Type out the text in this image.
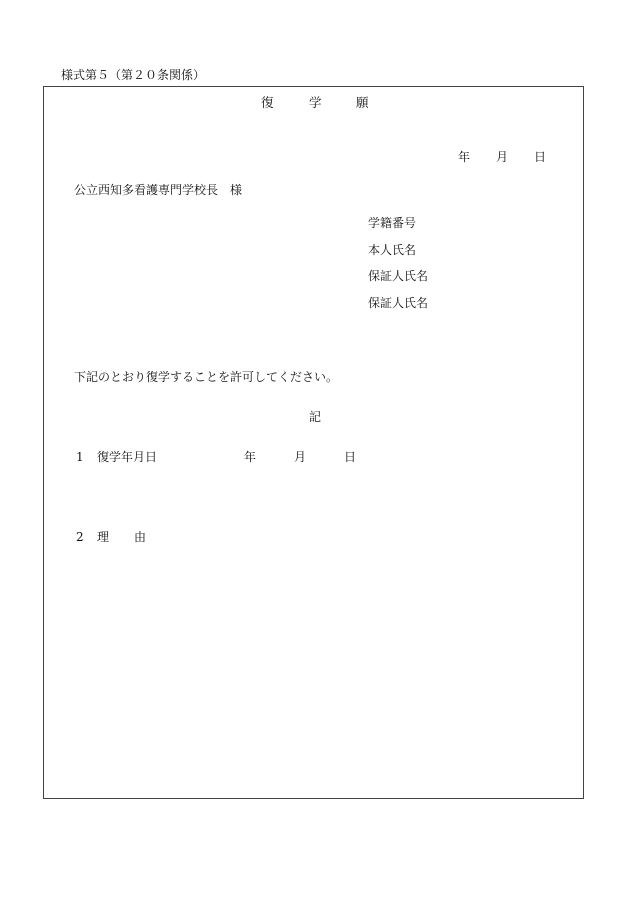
様式第５（第２０条関係）
復	学	願
年 月 日
公立西知多看護専門学校長　様
学籍番号
本人氏名
保証人氏名
保証人氏名
下記のとおり復学することを許可してください。
記
1 復学年月日	年	月	日
2 理 由
